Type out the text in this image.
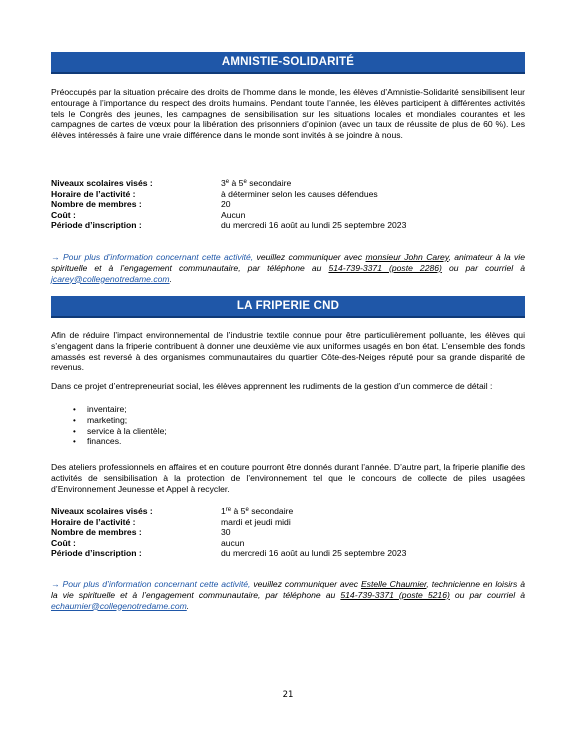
AMNISTIE-SOLIDARITÉ

Préoccupés par la situation précaire des droits de l’homme dans le monde, les élèves d’Amnistie-Solidarité sensibilisent leur entourage à l’importance du respect des droits humains. Pendant toute l’année, les élèves participent à différentes activités tels le Congrès des jeunes, les campagnes de sensibilisation sur les situations locales et mondiales courantes et les campagnes de cartes de vœux pour la libération des prisonniers d’opinion (avec un taux de réussite de plus de 60 %). Les élèves intéressés à faire une vraie différence dans le monde sont invités à se joindre à nous.

Niveaux scolaires visés :	3e à 5e secondaire
Horaire de l’activité :	à déterminer selon les causes défendues
Nombre de membres :	20
Coût :	Aucun
Période d’inscription :	du mercredi 16 août au lundi 25 septembre 2023

→ Pour plus d’information concernant cette activité, veuillez communiquer avec monsieur John Carey, animateur à la vie spirituelle et à l’engagement communautaire, par téléphone au 514-739-3371 (poste 2286) ou par courriel à jcarey@collegenotredame.com.

LA FRIPERIE CND

Afin de réduire l’impact environnemental de l’industrie textile connue pour être particulièrement polluante, les élèves qui s’engagent dans la friperie contribuent à donner une deuxième vie aux uniformes usagés en bon état. L’ensemble des fonds amassés est reversé à des organismes communautaires du quartier Côte-des-Neiges réputé pour sa grande disparité de revenus.

Dans ce projet d’entrepreneuriat social, les élèves apprennent les rudiments de la gestion d’un commerce de détail :

• inventaire;
• marketing;
• service à la clientèle;
• finances.

Des ateliers professionnels en affaires et en couture pourront être donnés durant l’année. D’autre part, la friperie planifie des activités de sensibilisation à la protection de l’environnement tel que le concours de collecte de piles usagées d’Environnement Jeunesse et Appel à recycler.

Niveaux scolaires visés :	1re à 5e secondaire
Horaire de l’activité :	mardi et jeudi midi
Nombre de membres :	30
Coût :	aucun
Période d’inscription :	du mercredi 16 août au lundi 25 septembre 2023

→ Pour plus d’information concernant cette activité, veuillez communiquer avec Estelle Chaumier, technicienne en loisirs à la vie spirituelle et à l’engagement communautaire, par téléphone au 514-739-3371 (poste 5216) ou par courriel à echaumier@collegenotredame.com.

21
